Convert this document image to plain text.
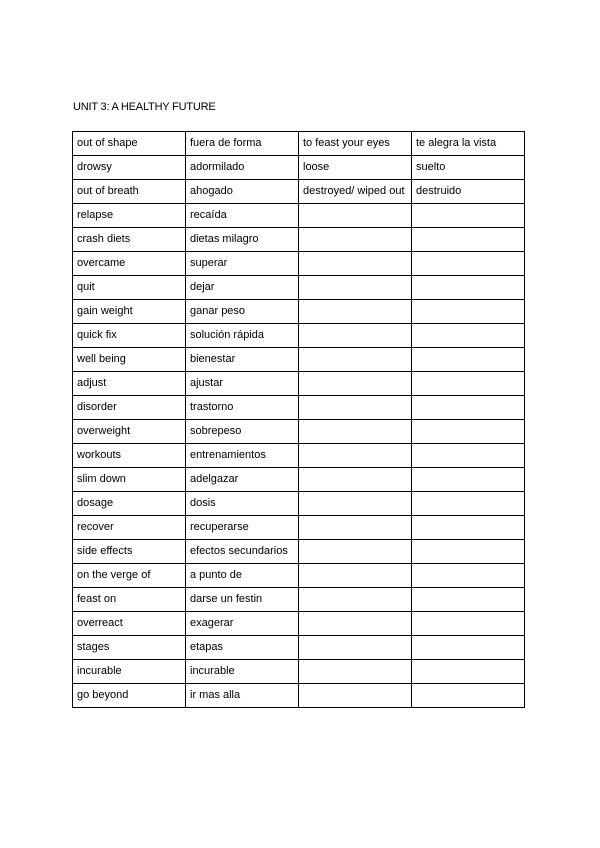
UNIT 3: A HEALTHY FUTURE
out of shape	fuera de forma	to feast your eyes	te alegra la vista
drowsy	adormilado	loose	suelto
out of breath	ahogado	destroyed/ wiped out	destruido
relapse	recaída		
crash diets	dietas milagro		
overcame	superar		
quit	dejar		
gain weight	ganar peso		
quick fix	solución rápida		
well being	bienestar		
adjust	ajustar		
disorder	trastorno		
overweight	sobrepeso		
workouts	entrenamientos		
slim down	adelgazar		
dosage	dosis		
recover	recuperarse		
side effects	efectos secundarios		
on the verge of	a punto de		
feast on	darse un festin		
overreact	exagerar		
stages	etapas		
incurable	incurable		
go beyond	ir mas alla		
